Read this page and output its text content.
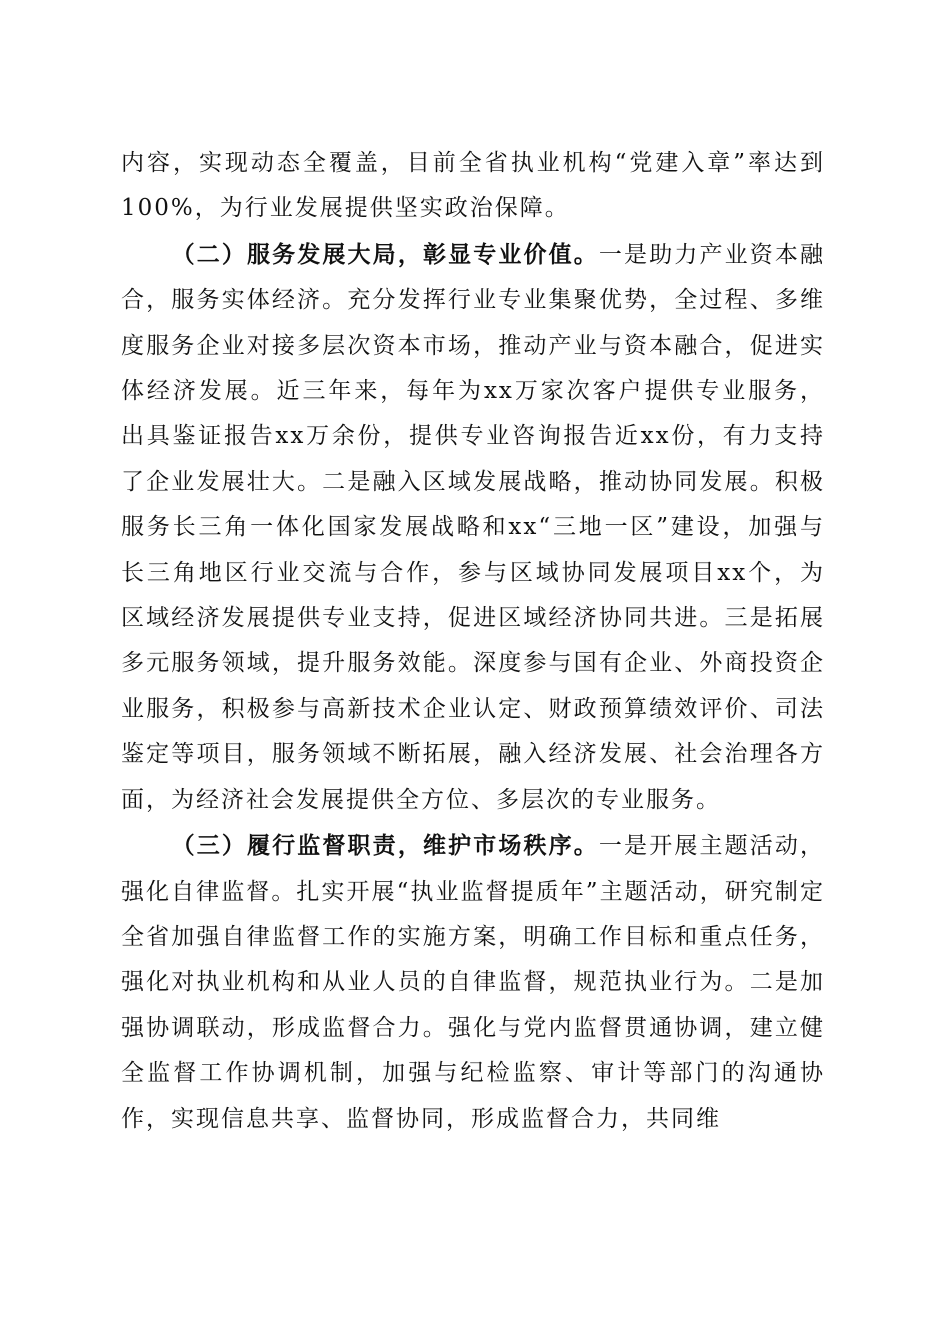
内容，实现动态全覆盖，目前全省执业机构“党建入章”率达到100%，为行业发展提供坚实政治保障。

（二）服务发展大局，彰显专业价值。一是助力产业资本融合，服务实体经济。充分发挥行业专业集聚优势，全过程、多维度服务企业对接多层次资本市场，推动产业与资本融合，促进实体经济发展。近三年来，每年为xx万家次客户提供专业服务，出具鉴证报告xx万余份，提供专业咨询报告近xx份，有力支持了企业发展壮大。二是融入区域发展战略，推动协同发展。积极服务长三角一体化国家发展战略和xx“三地一区”建设，加强与长三角地区行业交流与合作，参与区域协同发展项目xx个，为区域经济发展提供专业支持，促进区域经济协同共进。三是拓展多元服务领域，提升服务效能。深度参与国有企业、外商投资企业服务，积极参与高新技术企业认定、财政预算绩效评价、司法鉴定等项目，服务领域不断拓展，融入经济发展、社会治理各方面，为经济社会发展提供全方位、多层次的专业服务。

（三）履行监督职责，维护市场秩序。一是开展主题活动，强化自律监督。扎实开展“执业监督提质年”主题活动，研究制定全省加强自律监督工作的实施方案，明确工作目标和重点任务，强化对执业机构和从业人员的自律监督，规范执业行为。二是加强协调联动，形成监督合力。强化与党内监督贯通协调，建立健全监督工作协调机制，加强与纪检监察、审计等部门的沟通协作，实现信息共享、监督协同，形成监督合力，共同维
